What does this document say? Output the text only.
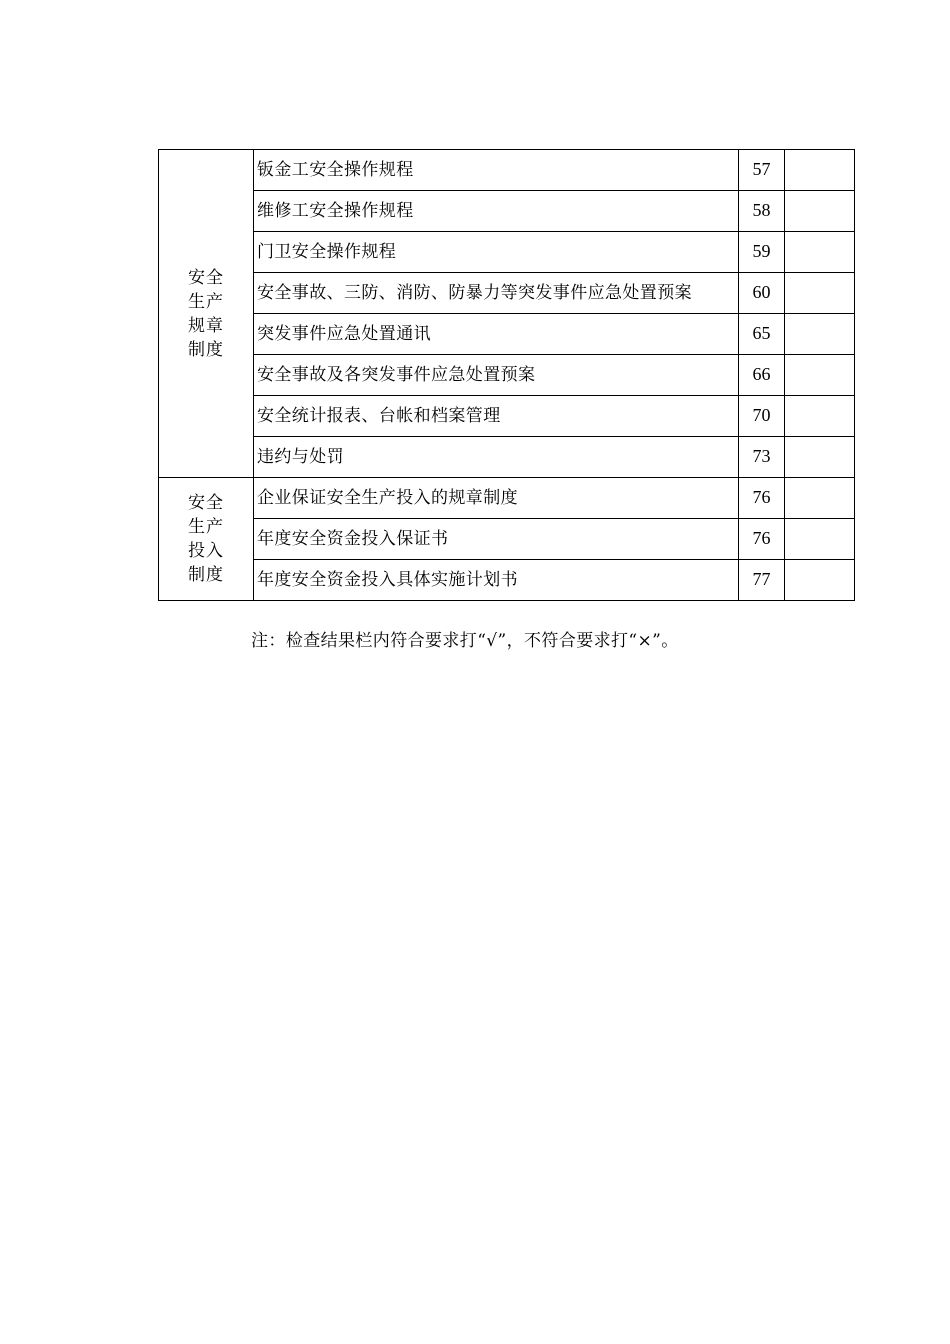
安全生产规章制度	钣金工安全操作规程	57	
	维修工安全操作规程	58	
	门卫安全操作规程	59	
	安全事故、三防、消防、防暴力等突发事件应急处置预案	60	
	突发事件应急处置通讯	65	
	安全事故及各突发事件应急处置预案	66	
	安全统计报表、台帐和档案管理	70	
	违约与处罚	73	
安全生产投入制度	企业保证安全生产投入的规章制度	76	
	年度安全资金投入保证书	76	
	年度安全资金投入具体实施计划书	77	
注：检查结果栏内符合要求打“√”，不符合要求打“×”。
